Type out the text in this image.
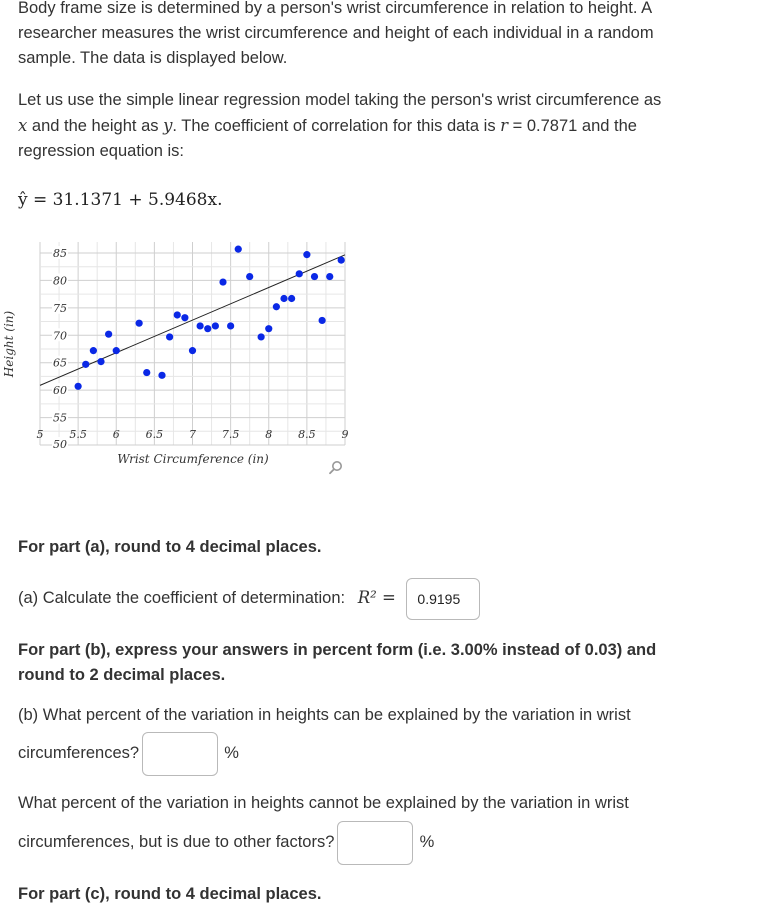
Body frame size is determined by a person's wrist circumference in relation to height. A
researcher measures the wrist circumference and height of each individual in a random
sample. The data is displayed below.

Let us use the simple linear regression model taking the person's wrist circumference as
x and the height as y. The coefficient of correlation for this data is r = 0.7871 and the
regression equation is:

ŷ = 31.1371 + 5.9468x.
5 5.5 6 6.5 7 7.5 8 8.5 9
50
55
60
65
70
75
80
85
Wrist Circumference (in)
Height (in)
For part (a), round to 4 decimal places.
(a) Calculate the coefficient of determination: R² = 0.9195

For part (b), express your answers in percent form (i.e. 3.00% instead of 0.03) and
round to 2 decimal places.

(b) What percent of the variation in heights can be explained by the variation in wrist
circumferences?	%
What percent of the variation in heights cannot be explained by the variation in wrist
circumferences, but is due to other factors?	%
For part (c), round to 4 decimal places.
